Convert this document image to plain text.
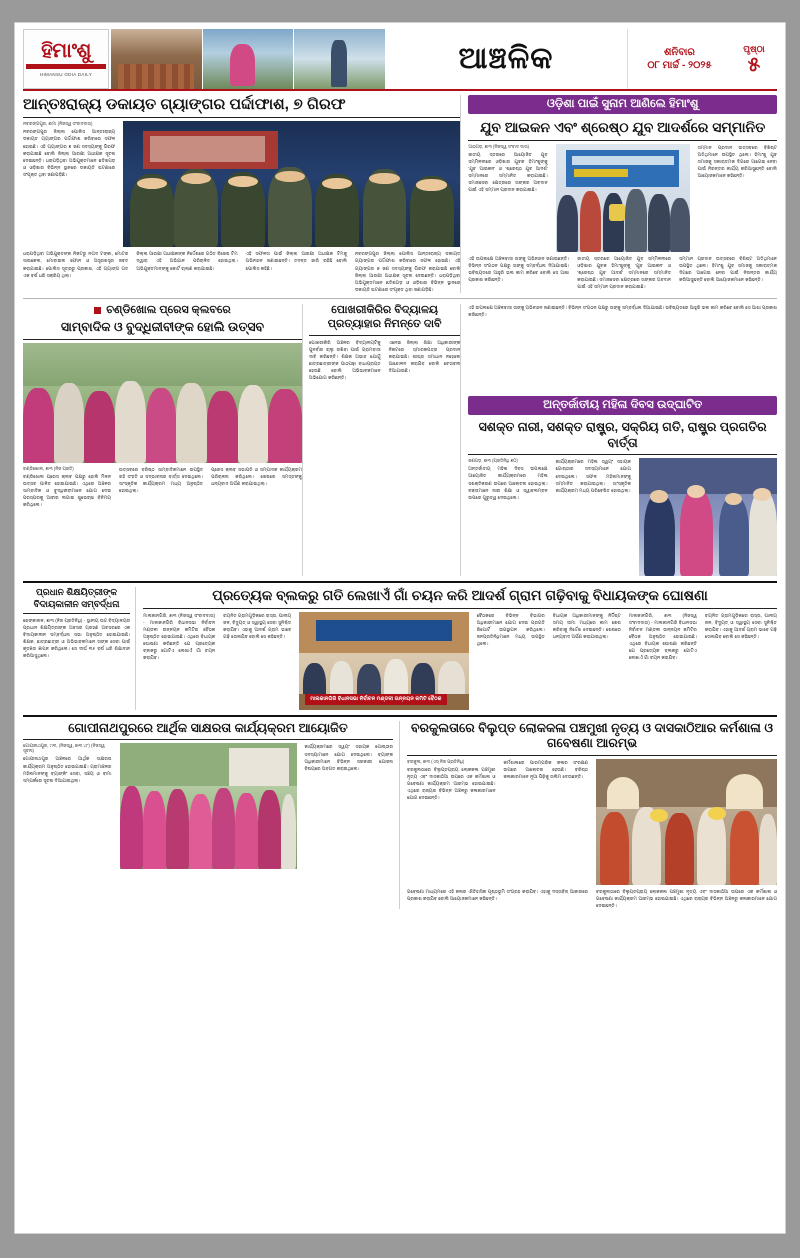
ହିମାଂଶୁ
HIMANSU ODIA DAILY	ଆଞ୍ଚଳିକ	ଶନିବାର
୦୮ ମାର୍ଚ୍ଚ - ୨୦୨୫
ପୃଷ୍ଠା
୫
ଆନ୍ତଃରାଜ୍ୟ ଡକାୟତ ଗ୍ୟାଙ୍ଗର ପର୍ଦ୍ଦାଫାଶ, ୭ ଗିରଫ
ନବରଙ୍ଗପୁର, ୭ାମା (ନିଜସ୍ୱ ସଂବାଦଦାତା)
ନବରଙ୍ଗପୁର ଜିଲ୍ଲା ପୋଲିସ ଆନ୍ତଃରାଜ୍ୟ ଡକାୟତ ଗ୍ୟାଙ୍ଗର ପର୍ଦ୍ଦାଫାଶ କରିବାରେ ସଫଳ ହୋଇଛି। ଏହି ଗ୍ୟାଙ୍ଗର ୭ ଜଣ ସଦସ୍ୟଙ୍କୁ ଗିରଫ କରାଯାଇଛି ବୋଲି ଜିଲ୍ଲା ଆରକ୍ଷୀ ଅଧୀକ୍ଷକ ସୂଚନା ଦେଇଛନ୍ତି। ଧରାପଡ଼ିଥିବା ଅଭିଯୁକ୍ତମାନେ ଛତିଶଗଡ଼ ଓ ଓଡ଼ିଶାର ବିଭିନ୍ନ ସ୍ଥାନରେ ଡକାୟତି ଘଟଣାରେ ସଂପୃକ୍ତ ଥିବା ଜଣାପଡ଼ିଛି।
ଧରାପଡ଼ିଥିବା ଅଭିଯୁକ୍ତଙ୍କ ନିକଟରୁ ନଗଦ ଟଙ୍କା, ମୋଟର ସାଇକେଲ, ମୋବାଇଲ ଫୋନ ଓ ଅସ୍ତ୍ରଶସ୍ତ୍ର ଜବତ କରାଯାଇଛି। ପୋଲିସ ସୂତ୍ରରୁ ପ୍ରକାଶ, ଏହି ଗ୍ୟାଙ୍ଗ ଗତ ଏକ ବର୍ଷ ଧରି ସକ୍ରିୟ ଥିଲା।
ଜିଲ୍ଲା ଆରକ୍ଷୀ ଅଧୀକ୍ଷକଙ୍କ ନିର୍ଦ୍ଦେଶରେ ଗଠିତ ବିଶେଷ ଟିମ ଦ୍ୱାରା ଏହି ଅଭିଯାନ ପରିଚାଳିତ ହୋଇଥିଲା। ଅଭିଯୁକ୍ତମାନଙ୍କୁ କୋର୍ଟ ଚାଲାଣ କରାଯାଇଛି।
ଏହି ସଫଳତା ପାଇଁ ଜିଲ୍ଲା ଆରକ୍ଷୀ ଅଧୀକ୍ଷକ ଟିମକୁ ଅଭିନନ୍ଦନ ଜଣାଇଛନ୍ତି। ତଦନ୍ତ ଜାରି ରହିଛି ବୋଲି ପୋଲିସ କହିଛି।
ନବରଙ୍ଗପୁର ଜିଲ୍ଲା ପୋଲିସ ଆନ୍ତଃରାଜ୍ୟ ଡକାୟତ ଗ୍ୟାଙ୍ଗର ପର୍ଦ୍ଦାଫାଶ କରିବାରେ ସଫଳ ହୋଇଛି। ଏହି ଗ୍ୟାଙ୍ଗର ୭ ଜଣ ସଦସ୍ୟଙ୍କୁ ଗିରଫ କରାଯାଇଛି ବୋଲି ଜିଲ୍ଲା ଆରକ୍ଷୀ ଅଧୀକ୍ଷକ ସୂଚନା ଦେଇଛନ୍ତି। ଧରାପଡ଼ିଥିବା ଅଭିଯୁକ୍ତମାନେ ଛତିଶଗଡ଼ ଓ ଓଡ଼ିଶାର ବିଭିନ୍ନ ସ୍ଥାନରେ ଡକାୟତି ଘଟଣାରେ ସଂପୃକ୍ତ ଥିବା ଜଣାପଡ଼ିଛି।
ଓଡ଼ିଶା ପାଇଁ ସୁନାମ ଆଣିଲେ ହିମାଂଶୁ
ଯୁବ ଆଇକନ ଏବଂ ଶ୍ରେଷ୍ଠ ଯୁବ ଆଦର୍ଶରେ ସମ୍ମାନିତ
ଆଠଗଡ଼, ୭ା୩ (ନିଜସ୍ୱ ସଂବାଦ ଦାତା)
ଜାତୀୟ ସ୍ତରରେ ଆୟୋଜିତ ଯୁବ ସମ୍ମିଳନୀରେ ଓଡ଼ିଶାର ଯୁବକ ହିମାଂଶୁଙ୍କୁ 'ଯୁବ ଆଇକନ' ଓ 'ଶ୍ରେଷ୍ଠ ଯୁବ ଆଦର୍ଶ' ସମ୍ମାନରେ ସମ୍ମାନିତ କରାଯାଇଛି। ସମାଜସେବା କ୍ଷେତ୍ରରେ ତାଙ୍କର ଅବଦାନ ପାଇଁ ଏହି ସମ୍ମାନ ପ୍ରଦାନ କରାଯାଇଛି।
ସମ୍ମାନ ପ୍ରଦାନ ଉତ୍ସବରେ ବିଶିଷ୍ଟ ଅତିଥିମାନେ ଉପସ୍ଥିତ ଥିଲେ। ହିମାଂଶୁ ଯୁବ ସମାଜକୁ ସକାରାତ୍ମକ ଦିଗରେ ଆଗେଇ ନେବା ପାଇଁ ନିରନ୍ତର କାର୍ଯ୍ୟ କରିଆସୁଛନ୍ତି ବୋଲି ଆୟୋଜକମାନେ କହିଛନ୍ତି।
ଏହି ଉପଲକ୍ଷେ ଅଞ୍ଚଳବାସୀ ତାଙ୍କୁ ଅଭିନନ୍ଦନ ଜଣାଇଛନ୍ତି। ବିଭିନ୍ନ ସଂଗଠନ ପକ୍ଷରୁ ତାଙ୍କୁ ସମ୍ବର୍ଦ୍ଧନା ଦିଆଯାଇଛି। ଭବିଷ୍ୟତରେ ଆହୁରି ଭଲ କାମ କରିବେ ବୋଲି ସେ ଆଶା ପ୍ରକାଶ କରିଛନ୍ତି।
ଜାତୀୟ ସ୍ତରରେ ଆୟୋଜିତ ଯୁବ ସମ୍ମିଳନୀରେ ଓଡ଼ିଶାର ଯୁବକ ହିମାଂଶୁଙ୍କୁ 'ଯୁବ ଆଇକନ' ଓ 'ଶ୍ରେଷ୍ଠ ଯୁବ ଆଦର୍ଶ' ସମ୍ମାନରେ ସମ୍ମାନିତ କରାଯାଇଛି। ସମାଜସେବା କ୍ଷେତ୍ରରେ ତାଙ୍କର ଅବଦାନ ପାଇଁ ଏହି ସମ୍ମାନ ପ୍ରଦାନ କରାଯାଇଛି।
ସମ୍ମାନ ପ୍ରଦାନ ଉତ୍ସବରେ ବିଶିଷ୍ଟ ଅତିଥିମାନେ ଉପସ୍ଥିତ ଥିଲେ। ହିମାଂଶୁ ଯୁବ ସମାଜକୁ ସକାରାତ୍ମକ ଦିଗରେ ଆଗେଇ ନେବା ପାଇଁ ନିରନ୍ତର କାର୍ଯ୍ୟ କରିଆସୁଛନ୍ତି ବୋଲି ଆୟୋଜକମାନେ କହିଛନ୍ତି।
ଚଣ୍ଡିଖୋଲ ପ୍ରେସ କ୍ଲବରେ
ସାମ୍ବାଦିକ ଓ ବୁଦ୍ଧିଜୀବୀଙ୍କ ହୋଲି ଉତ୍ସବ
ଚଣ୍ଡିଖୋଲ, ୭ା୩ (ନିଜ ପ୍ରତି)
ଚଣ୍ଡିଖୋଲ ପ୍ରେସ କ୍ଲବ ପକ୍ଷରୁ ହୋଲି ମିଳନ ଉତ୍ସବ ପାଳିତ ହୋଇଯାଇଛି। ଏଥିରେ ଅଞ୍ଚଳର ସାମ୍ବାଦିକ ଓ ବୁଦ୍ଧିଜୀବୀମାନେ ଯୋଗ ଦେଇ ପରସ୍ପରକୁ ଆବୀର ଲଗାଇ ଶୁଭେଚ୍ଛା ବିନିମୟ କରିଥିଲେ।
ଉତ୍ସବରେ ବରିଷ୍ଠ ସାମ୍ବାଦିକମାନେ ଉପସ୍ଥିତ ରହି ସଂହତି ଓ ସଦ୍ଭାବନାର ବାର୍ତ୍ତା ଦେଇଥିଲେ। ସାଂସ୍କୃତିକ କାର୍ଯ୍ୟକ୍ରମ ମଧ୍ୟ ଅନୁଷ୍ଠିତ ହୋଇଥିଲା।
ପ୍ରେସ କ୍ଲବ ସଭାପତି ଓ ସମ୍ପାଦକ କାର୍ଯ୍ୟକ୍ରମ ପରିଚାଳନା କରିଥିଲେ। ଶେଷରେ ସମସ୍ତଙ୍କୁ ଧନ୍ୟବାଦ ଅର୍ପଣ କରାଯାଇଥିଲା।
ପୋଖରୀକିରିର ବିଦ୍ୟାଳୟ ପ୍ରତ୍ୟାହାର ନିମନ୍ତେ ଦାବି
ପୋଖରୀକିରି ଅଞ୍ଚଳର ବିଦ୍ୟାଳୟଟିକୁ ପୁନର୍ବାର ଚାଲୁ ରଖିବା ପାଇଁ ଗ୍ରାମବାସୀ ଦାବି କରିଛନ୍ତି। ଶିକ୍ଷକ ଅଭାବ ଯୋଗୁଁ ଛାତ୍ରଛାତ୍ରୀଙ୍କ ପାଠପଢ଼ା ବାଧାପ୍ରାପ୍ତ ହେଉଛି ବୋଲି ଅଭିଭାବକମାନେ ଅଭିଯୋଗ କରିଛନ୍ତି।
ଏନେଇ ଜିଲ୍ଲା ଶିକ୍ଷା ଅଧିକାରୀଙ୍କ ନିକଟରେ ସ୍ମାରକପତ୍ର ପ୍ରଦାନ କରାଯାଇଛି। ଶୀଘ୍ର ସମାଧାନ ନହେଲେ ଆନ୍ଦୋଳନ କରାଯିବ ବୋଲି ଚେତାବନୀ ଦିଆଯାଇଛି।
ଏହି ଉପଲକ୍ଷେ ଅଞ୍ଚଳବାସୀ ତାଙ୍କୁ ଅଭିନନ୍ଦନ ଜଣାଇଛନ୍ତି। ବିଭିନ୍ନ ସଂଗଠନ ପକ୍ଷରୁ ତାଙ୍କୁ ସମ୍ବର୍ଦ୍ଧନା ଦିଆଯାଇଛି। ଭବିଷ୍ୟତରେ ଆହୁରି ଭଲ କାମ କରିବେ ବୋଲି ସେ ଆଶା ପ୍ରକାଶ କରିଛନ୍ତି।
ଅନ୍ତର୍ଜାତୀୟ ମହିଳା ଦିବସ ଉଦ୍‌ଘାଟିତ
ସଶକ୍ତ ନାରୀ, ସଶକ୍ତ ରାଷ୍ଟ୍ର, ସକ୍ରିୟ ଗତି, ରାଷ୍ଟ୍ର ପ୍ରଗତିର ବାର୍ତ୍ତା
ଜଣଗଡ଼, ୭ା୩ (ପ୍ରତିନିଧି ୭୦)
ଅନ୍ତର୍ଜାତୀୟ ମହିଳା ଦିବସ ଉପଲକ୍ଷେ ଆୟୋଜିତ କାର୍ଯ୍ୟକ୍ରମରେ ମହିଳା ସଶକ୍ତିକରଣ ଉପରେ ଆଲୋଚନା ହୋଇଥିଲା। ବକ୍ତାମାନେ ନାରୀ ଶିକ୍ଷା ଓ ସ୍ୱାବଲମ୍ବନ ଉପରେ ଗୁରୁତ୍ୱ ଦେଇଥିଲେ।
କାର୍ଯ୍ୟକ୍ରମରେ ମହିଳା ସ୍ୱୟଂ ସହାୟକ ଗୋଷ୍ଠୀର ସଦସ୍ୟାମାନେ ଯୋଗ ଦେଇଥିଲେ। ସଫଳ ମହିଳାମାନଙ୍କୁ ସମ୍ମାନିତ କରାଯାଇଥିଲା। ସାଂସ୍କୃତିକ କାର୍ଯ୍ୟକ୍ରମ ମଧ୍ୟ ପରିବେଷିତ ହୋଇଥିଲା।
ପ୍ରଧାନ ଶିକ୍ଷୟିତ୍ରୀଙ୍କ ବିଦାୟକାଳୀନ ସମ୍ବର୍ଦ୍ଧନା
ଢେଙ୍କାନାଳ, ୭ା୩ (ନିଜ ପ୍ରତିନିଧି) - ସ୍ଥାନୀୟ ଉଚ୍ଚ ବିଦ୍ୟାଳୟର ପ୍ରଧାନ ଶିକ୍ଷୟିତ୍ରୀଙ୍କ ଅବସର ଗ୍ରହଣ ଅବସରରେ ଏକ ବିଦାୟକାଳୀନ ସମ୍ବର୍ଦ୍ଧନା ସଭା ଅନୁଷ୍ଠିତ ହୋଇଯାଇଛି। ଶିକ୍ଷକ, ଛାତ୍ରଛାତ୍ରୀ ଓ ଅଭିଭାବକମାନେ ତାଙ୍କ ସେବା ପାଇଁ କୃତଜ୍ଞତା ଜ୍ଞାପନ କରିଥିଲେ। ସେ ଦୀର୍ଘ ୩୫ ବର୍ଷ ଧରି ଶିକ୍ଷାଦାନ କରିଆସୁଥିଲେ।
ପ୍ରତ୍ୟେକ ବ୍ଲକରୁ ଗତି ଲେଖାଏଁ ଗାଁ ଚୟନ କରି ଆଦର୍ଶ ଗ୍ରାମ ଗଢ଼ିବାକୁ ବିଧାୟକଙ୍କ ଘୋଷଣା
ମାଲକାନଗିରି, ୭ା୩ (ନିଜସ୍ୱ ସଂବାଦଦାତା) - ମାଲକାନଗିରି ବିଧାନସଭା ନିର୍ବାଚନ ମଣ୍ଡଳୀ ଉନ୍ନୟନ କମିଟିର ବୈଠକ ଅନୁଷ୍ଠିତ ହୋଇଯାଇଛି। ଏଥିରେ ବିଧାୟକ ଘୋଷଣା କରିଛନ୍ତି ଯେ ପ୍ରତ୍ୟେକ ବ୍ଲକରୁ ଗୋଟିଏ ଲେଖାଏଁ ଗାଁ ଚୟନ କରାଯିବ।
ଚୟନିତ ଗ୍ରାମଗୁଡ଼ିକରେ ରାସ୍ତା, ପାନୀୟ ଜଳ, ବିଦ୍ୟୁତ୍ ଓ ସ୍ୱାସ୍ଥ୍ୟ ସେବା ସୁନିଶ୍ଚିତ କରାଯିବ। ଏହାକୁ ଆଦର୍ଶ ଗ୍ରାମ ଭାବେ ଗଢ଼ି ତୋଳାଯିବ ବୋଲି ସେ କହିଛନ୍ତି।
ମାଲକାନଗିରି ବିଧାନସଭା ନିର୍ବାଚନ ମଣ୍ଡଳୀ ଉନ୍ନୟନ କମିଟି ବୈଠକ
ବୈଠକରେ ବିଭିନ୍ନ ବିଭାଗର ଅଧିକାରୀମାନେ ଯୋଗ ଦେଇ ପ୍ରଗତି ରିପୋର୍ଟ ଉପସ୍ଥାପନ କରିଥିଲେ। ଜନପ୍ରତିନିଧିମାନେ ମଧ୍ୟ ଉପସ୍ଥିତ ଥିଲେ।
ବିଧାୟକ ଅଧିକାରୀମାନଙ୍କୁ ନିର୍ଦ୍ଦିଷ୍ଟ ସମୟ ସୀମା ମଧ୍ୟରେ କାମ ଶେଷ କରିବାକୁ ନିର୍ଦ୍ଦେଶ ଦେଇଛନ୍ତି। ଶେଷରେ ଧନ୍ୟବାଦ ଅର୍ପଣ କରାଯାଇଥିଲା।
ମାଲକାନଗିରି, ୭ା୩ (ନିଜସ୍ୱ ସଂବାଦଦାତା) - ମାଲକାନଗିରି ବିଧାନସଭା ନିର୍ବାଚନ ମଣ୍ଡଳୀ ଉନ୍ନୟନ କମିଟିର ବୈଠକ ଅନୁଷ୍ଠିତ ହୋଇଯାଇଛି। ଏଥିରେ ବିଧାୟକ ଘୋଷଣା କରିଛନ୍ତି ଯେ ପ୍ରତ୍ୟେକ ବ୍ଲକରୁ ଗୋଟିଏ ଲେଖାଏଁ ଗାଁ ଚୟନ କରାଯିବ।
ଚୟନିତ ଗ୍ରାମଗୁଡ଼ିକରେ ରାସ୍ତା, ପାନୀୟ ଜଳ, ବିଦ୍ୟୁତ୍ ଓ ସ୍ୱାସ୍ଥ୍ୟ ସେବା ସୁନିଶ୍ଚିତ କରାଯିବ। ଏହାକୁ ଆଦର୍ଶ ଗ୍ରାମ ଭାବେ ଗଢ଼ି ତୋଳାଯିବ ବୋଲି ସେ କହିଛନ୍ତି।
ଗୋପୀନାଥପୁରରେ ଆର୍ଥିକ ସାକ୍ଷରତା କାର୍ଯ୍ୟକ୍ରମ ଆୟୋଜିତ
ଗୋପୀନାଥପୁର, ୯ା୩, (ନିଜସ୍ୱ, ୭ା୩ ୪୮) (ନିଜସ୍ୱ ସୂଚନା)
ଗୋପୀନାଥପୁର ଅଞ୍ଚଳରେ ଆର୍ଥିକ ସାକ୍ଷରତା କାର୍ଯ୍ୟକ୍ରମ ଅନୁଷ୍ଠିତ ହୋଇଯାଇଛି। ଗ୍ରାମାଞ୍ଚଳର ମହିଳାମାନଙ୍କୁ ବ୍ୟାଙ୍କିଂ ସେବା, ସଞ୍ଚୟ ଓ ବୀମା ସମ୍ପର୍କରେ ସୂଚନା ଦିଆଯାଇଥିଲା।
କାର୍ଯ୍ୟକ୍ରମରେ ସ୍ୱୟଂ ସହାୟକ ଗୋଷ୍ଠୀର ସଦସ୍ୟାମାନେ ଯୋଗ ଦେଇଥିଲେ। ବ୍ୟାଙ୍କ ଅଧିକାରୀମାନେ ବିଭିନ୍ନ ସରକାରୀ ଯୋଜନା ବିଷୟରେ ଅବଗତ କରାଇଥିଲେ।
ବରକୁଲତାରେ ବିଲୁପ୍ତ ଲୋକକଳା ପଞ୍ଚମୁଖୀ ନୃତ୍ୟ ଓ ଦାସକାଠିଆର କର୍ମଶାଳା ଓ ଗବେଷଣା ଆରମ୍ଭ
ବରକୁଲ, ୭ା୩ (ଏସ୍ ନିଜ ପ୍ରତିନିଧି)
ବରକୁଲଠାରେ ବିଲୁପ୍ତପ୍ରାୟ ଲୋକକଳା ପଞ୍ଚମୁଖୀ ନୃତ୍ୟ ଏବଂ ଦାସକାଠିଆ ଉପରେ ଏକ କର୍ମଶାଳା ଓ ଗବେଷଣା କାର୍ଯ୍ୟକ୍ରମ ଆରମ୍ଭ ହୋଇଯାଇଛି। ଏଥିରେ ରାଜ୍ୟର ବିଭିନ୍ନ ଅଞ୍ଚଳରୁ କଳାକାରମାନେ ଯୋଗ ଦେଇଛନ୍ତି।
କର୍ମଶାଳାରେ ପାରମ୍ପରିକ କଳାର ସଂରକ୍ଷଣ ଉପରେ ଆଲୋଚନା ହେଉଛି। ବରିଷ୍ଠ କଳାକାରମାନେ ନୂଆ ପିଢ଼ିକୁ ତାଲିମ ଦେଉଛନ୍ତି।
ଗବେଷଣା ମାଧ୍ୟମରେ ଏହି କଳାର ଐତିହାସିକ ପୃଷ୍ଠଭୂମି ସଂଗ୍ରହ କରାଯିବ। ଏହାକୁ ଦସ୍ତାବିଜ୍ ଆକାରରେ ପ୍ରକାଶ କରାଯିବ ବୋଲି ଆୟୋଜକମାନେ କହିଛନ୍ତି।
ବରକୁଲଠାରେ ବିଲୁପ୍ତପ୍ରାୟ ଲୋକକଳା ପଞ୍ଚମୁଖୀ ନୃତ୍ୟ ଏବଂ ଦାସକାଠିଆ ଉପରେ ଏକ କର୍ମଶାଳା ଓ ଗବେଷଣା କାର୍ଯ୍ୟକ୍ରମ ଆରମ୍ଭ ହୋଇଯାଇଛି। ଏଥିରେ ରାଜ୍ୟର ବିଭିନ୍ନ ଅଞ୍ଚଳରୁ କଳାକାରମାନେ ଯୋଗ ଦେଇଛନ୍ତି।
